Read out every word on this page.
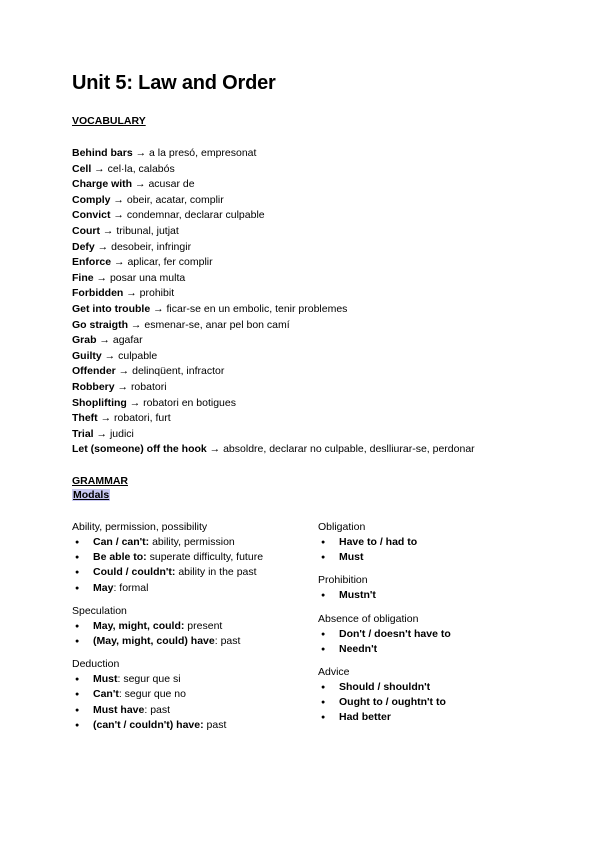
Unit 5: Law and Order
VOCABULARY
Behind bars → a la presó, empresonat
Cell → cel·la, calabós
Charge with → acusar de
Comply → obeir, acatar, complir
Convict → condemnar, declarar culpable
Court → tribunal, jutjat
Defy → desobeir, infringir
Enforce → aplicar, fer complir
Fine → posar una multa
Forbidden → prohibit
Get into trouble → ficar-se en un embolic, tenir problemes
Go straigth → esmenar-se, anar pel bon camí
Grab → agafar
Guilty → culpable
Offender → delinqüent, infractor
Robbery → robatori
Shoplifting → robatori en botigues
Theft → robatori, furt
Trial → judici
Let (someone) off the hook → absoldre, declarar no culpable, deslliurar-se, perdonar
GRAMMAR
Modals

Ability, permission, possibility

● Can / can't: ability, permission
● Be able to: superate difficulty, future
● Could / couldn't: ability in the past
● May: formal

Speculation

● May, might, could: present
● (May, might, could) have: past

Deduction

● Must: segur que si
● Can't: segur que no
● Must have: past
● (can't / couldn't) have: past

Obligation

● Have to / had to
● Must

Prohibition

● Mustn't

Absence of obligation

● Don't / doesn't have to
● Needn't

Advice

● Should / shouldn't
● Ought to / oughtn't to
● Had better
